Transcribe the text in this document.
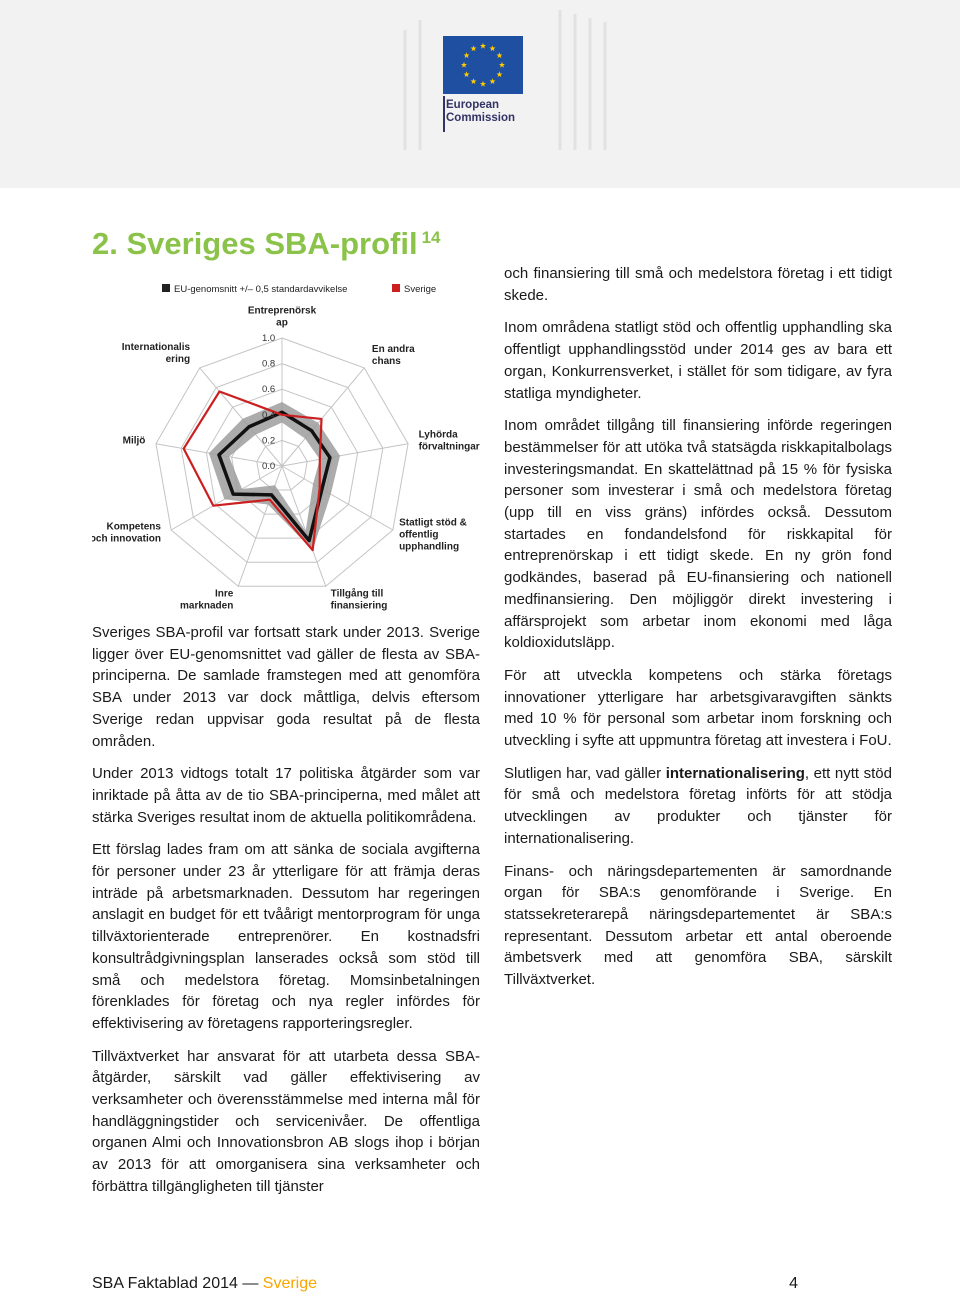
European
Commission
2. Sveriges SBA-profil $^{14}$
EU-genomsnitt +/– 0,5 standardavvikelse	Sverige
0.0
0.2
0.4
0.6
0.8
1.0
Entreprenörsk ap
En andra chans
Lyhörda förvaltningar
Statligt stöd & offentlig upphandling
Tillgång till finansiering
Inre marknaden
Kompetens och innovation
Miljö
Internationalis ering

Sveriges SBA-profil var fortsatt stark under 2013. Sverige ligger över EU-genomsnittet vad gäller de flesta av SBA-principerna. De samlade framstegen med att genomföra SBA under 2013 var dock måttliga, delvis eftersom Sverige redan uppvisar goda resultat på de flesta områden.

Under 2013 vidtogs totalt 17 politiska åtgärder som var inriktade på åtta av de tio SBA-principerna, med målet att stärka Sveriges resultat inom de aktuella politikområdena.

Ett förslag lades fram om att sänka de sociala avgifterna för personer under 23 år ytterligare för att främja deras inträde på arbetsmarknaden. Dessutom har regeringen anslagit en budget för ett tvåårigt mentorprogram för unga tillväxtorienterade entreprenörer. En kostnadsfri konsultrådgivningsplan lanserades också som stöd till små och medelstora företag. Momsinbetalningen förenklades för företag och nya regler infördes för effektivisering av företagens rapporteringsregler.

Tillväxtverket har ansvarat för att utarbeta dessa SBA-åtgärder, särskilt vad gäller effektivisering av verksamheter och överensstämmelse med interna mål för handläggningstider och servicenivåer. De offentliga organen Almi och Innovationsbron AB slogs ihop i början av 2013 för att omorganisera sina verksamheter och förbättra tillgängligheten till tjänster

och finansiering till små och medelstora företag i ett tidigt skede.

Inom områdena statligt stöd och offentlig upphandling ska offentligt upphandlingsstöd under 2014 ges av bara ett organ, Konkurrensverket, i stället för som tidigare, av fyra statliga myndigheter.

Inom området tillgång till finansiering införde regeringen bestämmelser för att utöka två statsägda riskkapitalbolags investeringsmandat. En skattelättnad på 15 % för fysiska personer som investerar i små och medelstora företag (upp till en viss gräns) infördes också. Dessutom startades en fondandelsfond för riskkapital för entreprenörskap i ett tidigt skede. En ny grön fond godkändes, baserad på EU-finansiering och nationell medfinansiering. Den möjliggör direkt investering i affärsprojekt som arbetar inom ekonomi med låga koldioxidutsläpp.

För att utveckla kompetens och stärka företags innovationer ytterligare har arbetsgivaravgiften sänkts med 10 % för personal som arbetar inom forskning och utveckling i syfte att uppmuntra företag att investera i FoU.

Slutligen har, vad gäller internationalisering, ett nytt stöd för små och medelstora företag införts för att stödja utvecklingen av produkter och tjänster för internationalisering.

Finans- och näringsdepartementen är samordnande organ för SBA:s genomförande i Sverige. En statssekreterarepå näringsdepartementet är SBA:s representant. Dessutom arbetar ett antal oberoende ämbetsverk med att genomföra SBA, särskilt Tillväxtverket.

SBA Faktablad 2014 — Sverige	4
